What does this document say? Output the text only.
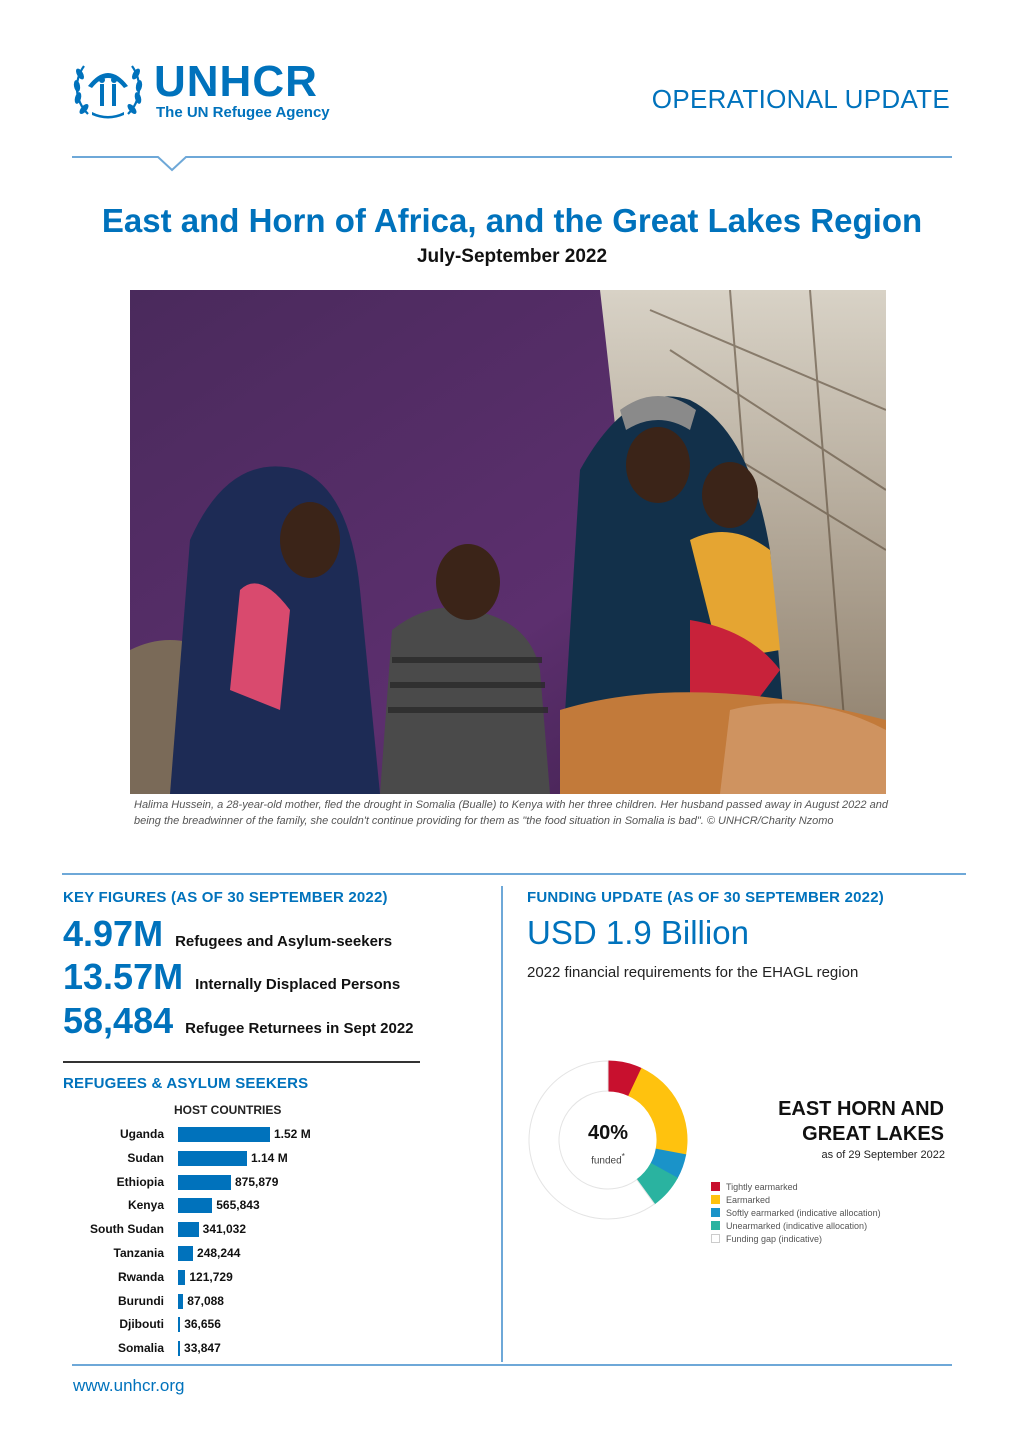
UNHCR
The UN Refugee Agency	OPERATIONAL UPDATE
East and Horn of Africa, and the Great Lakes Region
July-September 2022
Halima Hussein, a 28-year-old mother, fled the drought in Somalia (Bualle) to Kenya with her three children. Her husband passed away in August 2022 and being the breadwinner of the family, she couldn't continue providing for them as "the food situation in Somalia is bad". © UNHCR/Charity Nzomo
KEY FIGURES (AS OF 30 SEPTEMBER 2022)
4.97M Refugees and Asylum-seekers
13.57M Internally Displaced Persons
58,484 Refugee Returnees in Sept 2022
REFUGEES & ASYLUM SEEKERS
HOST COUNTRIES
Uganda	1.52 M
Sudan	1.14 M
Ethiopia	875,879
Kenya	565,843
South Sudan	341,032
Tanzania	248,244
Rwanda 121,729
Burundi 87,088
Djibouti 36,656
Somalia 33,847
FUNDING UPDATE (AS OF 30 SEPTEMBER 2022)
USD 1.9 Billion
2022 financial requirements for the EHAGL region
40%
funded*
EAST HORN AND
GREAT LAKES
as of 29 September 2022
Tightly earmarked
Earmarked
Softly earmarked (indicative allocation)
Unearmarked (indicative allocation)
Funding gap (indicative)
www.unhcr.org
